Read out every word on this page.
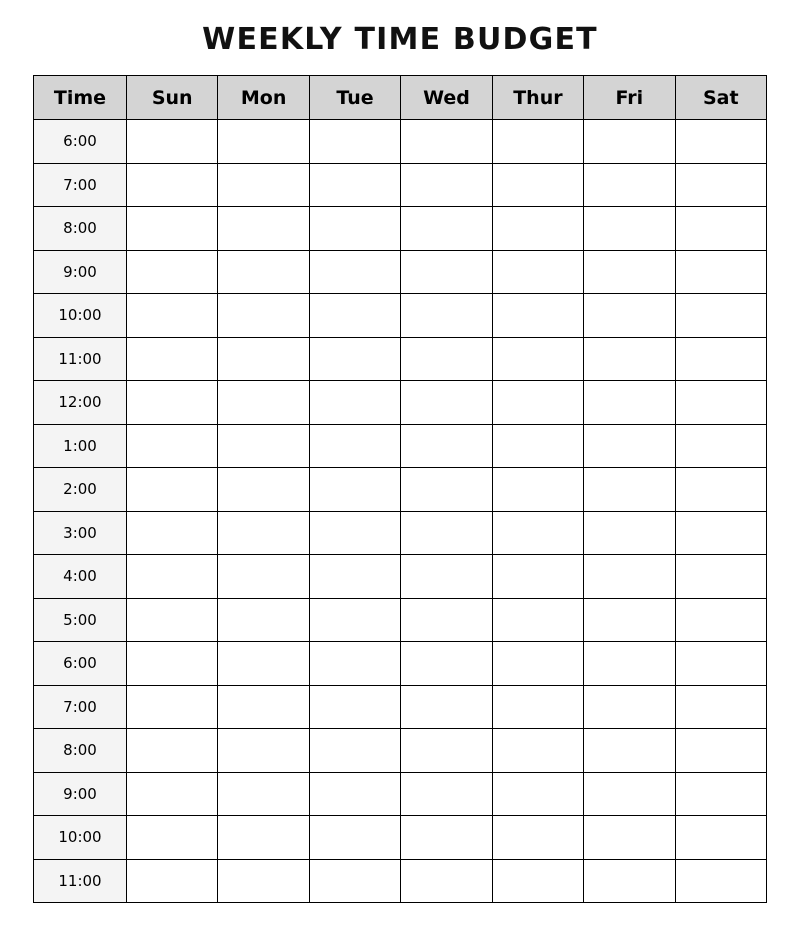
WEEKLY TIME BUDGET
Time	Sun	Mon	Tue	Wed	Thur	Fri	Sat
6:00							
7:00							
8:00							
9:00							
10:00							
11:00							
12:00							
1:00							
2:00							
3:00							
4:00							
5:00							
6:00							
7:00							
8:00							
9:00							
10:00							
11:00							
